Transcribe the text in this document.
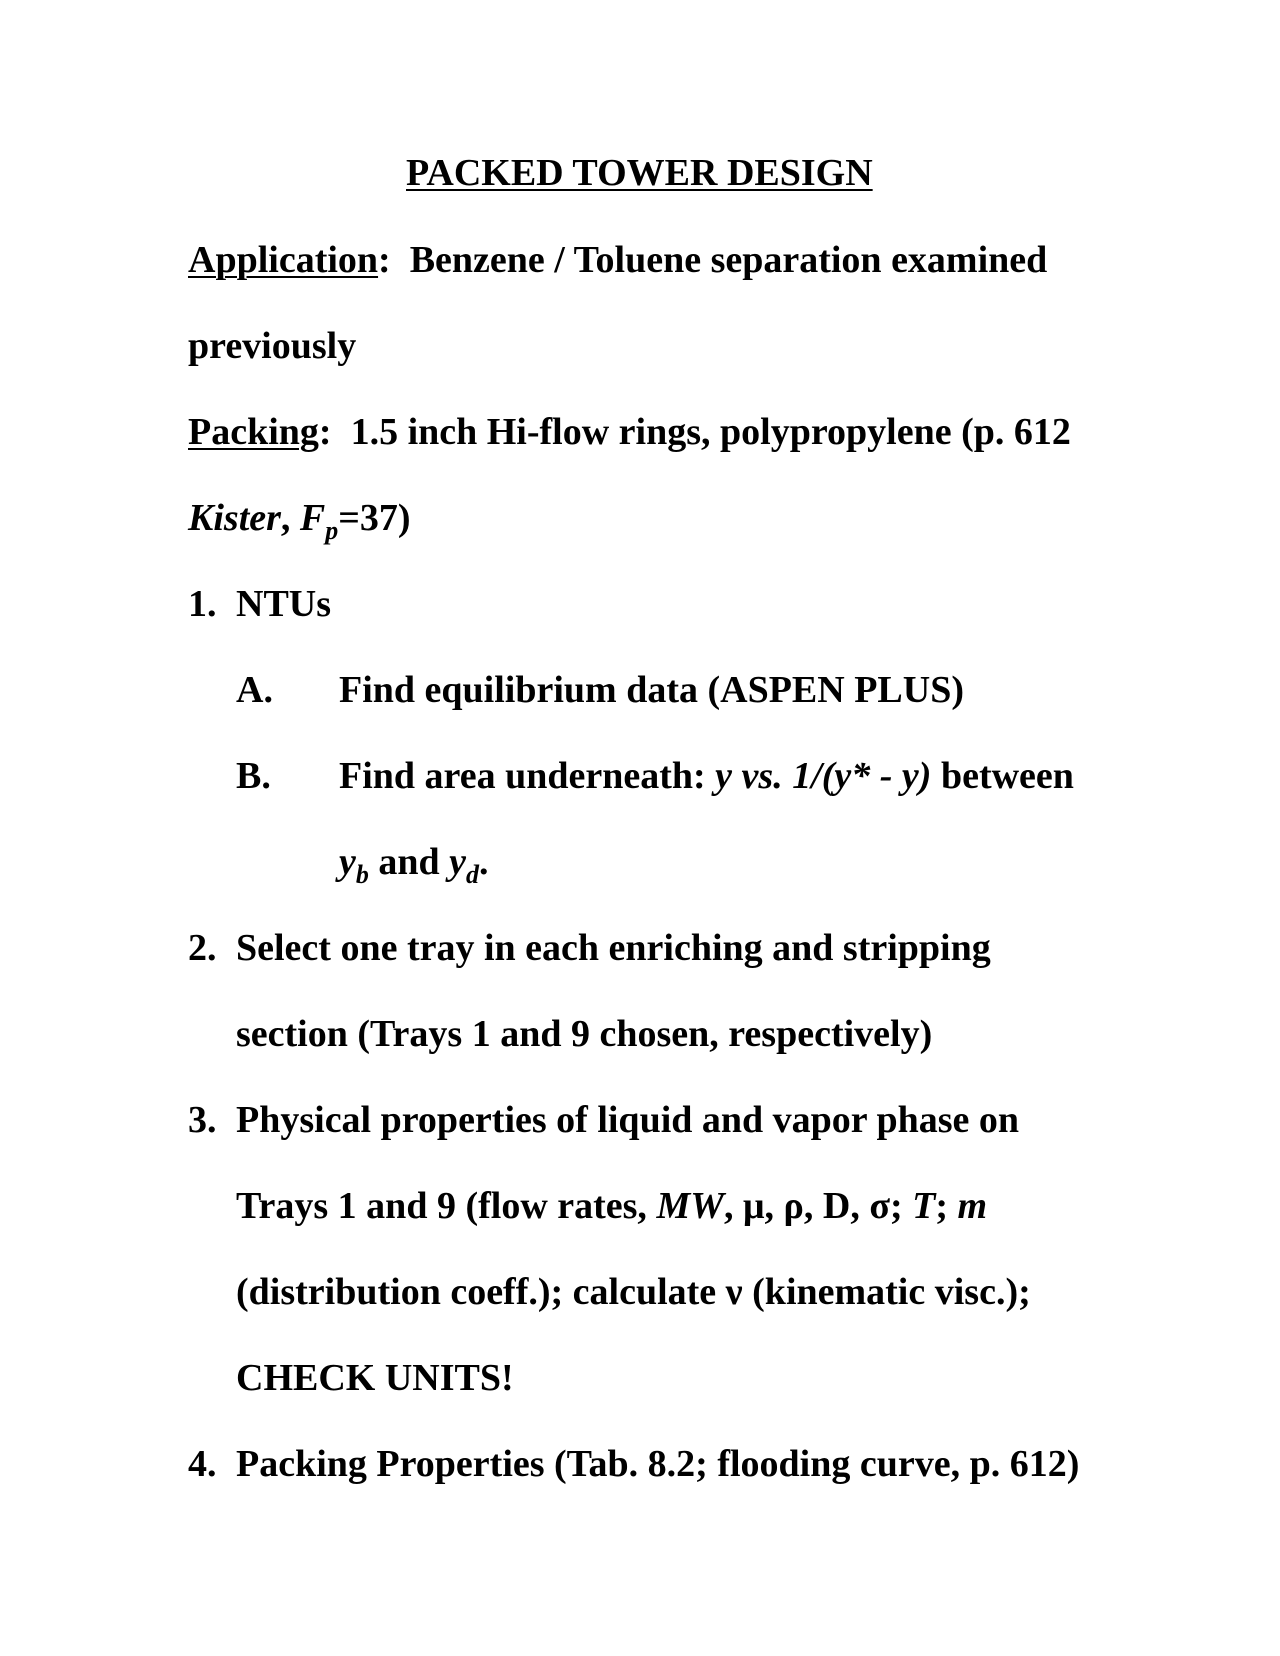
PACKED TOWER DESIGN
Application: Benzene / Toluene separation examined
previously
Packing: 1.5 inch Hi-flow rings, polypropylene (p. 612
Kister, $F_p=37$)
1. NTUs
A. Find equilibrium data (ASPEN PLUS)
B. Find area underneath: y vs. 1/(y* - y) between
$y_b$ and $y_d$.
2. Select one tray in each enriching and stripping
section (Trays 1 and 9 chosen, respectively)
3. Physical properties of liquid and vapor phase on
Trays 1 and 9 (flow rates, MW, μ, ρ, D, σ; T; m
(distribution coeff.); calculate ν (kinematic visc.);
CHECK UNITS!
4. Packing Properties (Tab. 8.2; flooding curve, p. 612)
